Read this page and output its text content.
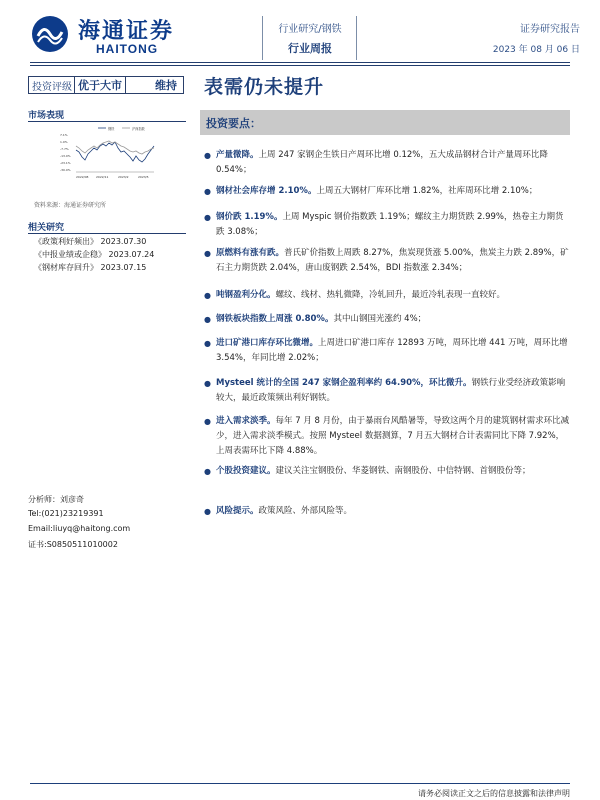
海通证券
HAITONG
行业研究/钢铁
行业周报
证券研究报告
2023 年 08 月 06 日
投资评级 优于大市	维持	表需仍未提升
市场表现
钢铁	沪深指数
7.1%
1.0%
-7.7%
-13.0%
-23.1%
-30.0%
2022/08	2022/11	2023/2	2023/5
资料来源：海通证券研究所
相关研究
《政策利好频出》 2023.07.30
《中报业绩或企稳》 2023.07.24
《钢材库存回升》 2023.07.15
分析师：刘彦奇
Tel:(021)23219391
Email:liuyq@haitong.com
证书:S0850511010002
投资要点：
● 产量微降。上周 247 家钢企生铁日产周环比增 0.12%，五大成品钢材合计产量周环比降 0.54%；
● 钢材社会库存增 2.10%。上周五大钢材厂库环比增 1.82%，社库周环比增 2.10%；
● 钢价跌 1.19%。上周 Myspic 钢价指数跌 1.19%；螺纹主力期货跌 2.99%，热卷主力期货跌 3.08%；
● 原燃料有涨有跌。普氏矿价指数上周跌 8.27%，焦炭现货涨 5.00%，焦炭主力跌 2.89%，矿石主力期货跌 2.04%，唐山废钢跌 2.54%，BDI 指数涨 2.34%；
● 吨钢盈利分化。螺纹、线材、热轧微降，冷轧回升，最近冷轧表现一直较好。
● 钢铁板块指数上周涨 0.80%。其中山钢国光涨约 4%；
● 进口矿港口库存环比微增。上周进口矿港口库存 12893 万吨，周环比增 441 万吨，周环比增 3.54%，年同比增 2.02%；
● Mysteel 统计的全国 247 家钢企盈利率约 64.90%，环比微升。钢铁行业受经济政策影响较大，最近政策频出利好钢铁。
● 进入需求淡季。每年 7 月 8 月份，由于暴雨台风酷暑等，导致这两个月的建筑钢材需求环比减少，进入需求淡季模式。按照 Mysteel 数据测算，7 月五大钢材合计表需同比下降 7.92%，上周表需环比下降 4.88%。
● 个股投资建议。建议关注宝钢股份、华菱钢铁、南钢股份、中信特钢、首钢股份等；
● 风险提示。政策风险、外部风险等。
请务必阅读正文之后的信息披露和法律声明
